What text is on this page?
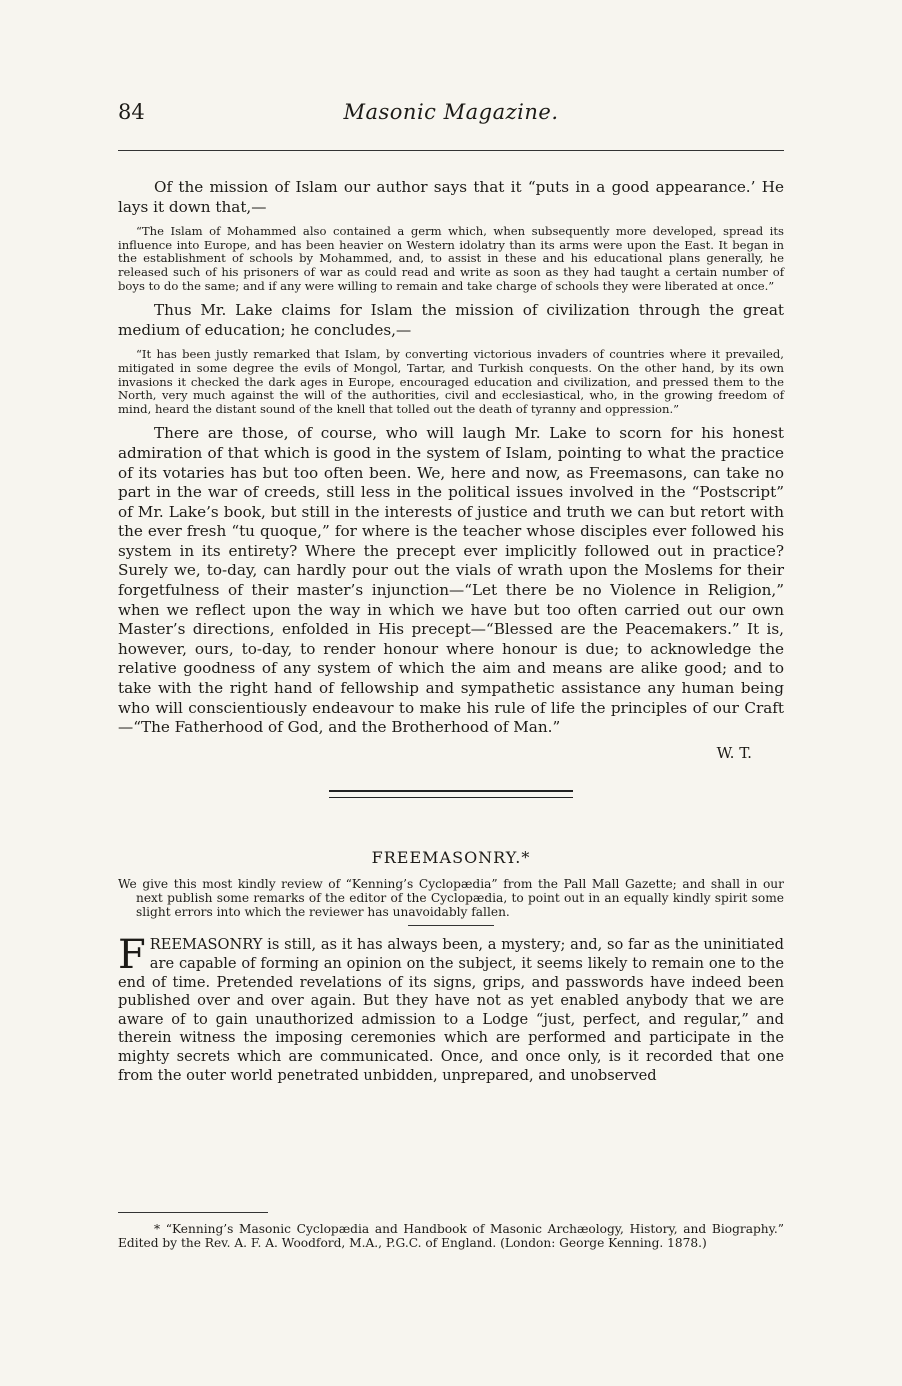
84	Masonic Magazine.

Of the mission of Islam our author says that it “puts in a good appearance.’ He lays it down that,—

“The Islam of Mohammed also contained a germ which, when subsequently more developed, spread its influence into Europe, and has been heavier on Western idolatry than its arms were upon the East. It began in the establishment of schools by Mohammed, and, to assist in these and his educational plans generally, he released such of his prisoners of war as could read and write as soon as they had taught a certain number of boys to do the same; and if any were willing to remain and take charge of schools they were liberated at once.”

Thus Mr. Lake claims for Islam the mission of civilization through the great medium of education; he concludes,—

“It has been justly remarked that Islam, by converting victorious invaders of countries where it prevailed, mitigated in some degree the evils of Mongol, Tartar, and Turkish conquests. On the other hand, by its own invasions it checked the dark ages in Europe, encouraged education and civilization, and pressed them to the North, very much against the will of the authorities, civil and ecclesiastical, who, in the growing freedom of mind, heard the distant sound of the knell that tolled out the death of tyranny and oppression.”

There are those, of course, who will laugh Mr. Lake to scorn for his honest admiration of that which is good in the system of Islam, pointing to what the practice of its votaries has but too often been. We, here and now, as Freemasons, can take no part in the war of creeds, still less in the political issues involved in the “Postscript” of Mr. Lake’s book, but still in the interests of justice and truth we can but retort with the ever fresh “tu quoque,” for where is the teacher whose disciples ever followed his system in its entirety? Where the precept ever implicitly followed out in practice? Surely we, to-day, can hardly pour out the vials of wrath upon the Moslems for their forgetfulness of their master’s injunction—“Let there be no Violence in Religion,” when we reflect upon the way in which we have but too often carried out our own Master’s directions, enfolded in His precept—“Blessed are the Peacemakers.” It is, however, ours, to-day, to render honour where honour is due; to acknowledge the relative goodness of any system of which the aim and means are alike good; and to take with the right hand of fellowship and sympathetic assistance any human being who will conscientiously endeavour to make his rule of life the principles of our Craft—“The Fatherhood of God, and the Brotherhood of Man.”

W. T.
FREEMASONRY.*

We give this most kindly review of “Kenning’s Cyclopædia” from the Pall Mall Gazette; and shall in our next publish some remarks of the editor of the Cyclopædia, to point out in an equally kindly spirit some slight errors into which the reviewer has unavoidably fallen.

FREEMASONRY is still, as it has always been, a mystery; and, so far as the uninitiated are capable of forming an opinion on the subject, it seems likely to remain one to the end of time. Pretended revelations of its signs, grips, and passwords have indeed been published over and over again. But they have not as yet enabled anybody that we are aware of to gain unauthorized admission to a Lodge “just, perfect, and regular,” and therein witness the imposing ceremonies which are performed and participate in the mighty secrets which are communicated. Once, and once only, is it recorded that one from the outer world penetrated unbidden, unprepared, and unobserved

* “Kenning’s Masonic Cyclopædia and Handbook of Masonic Archæology, History, and Biography.” Edited by the Rev. A. F. A. Woodford, M.A., P.G.C. of England. (London: George Kenning. 1878.)
